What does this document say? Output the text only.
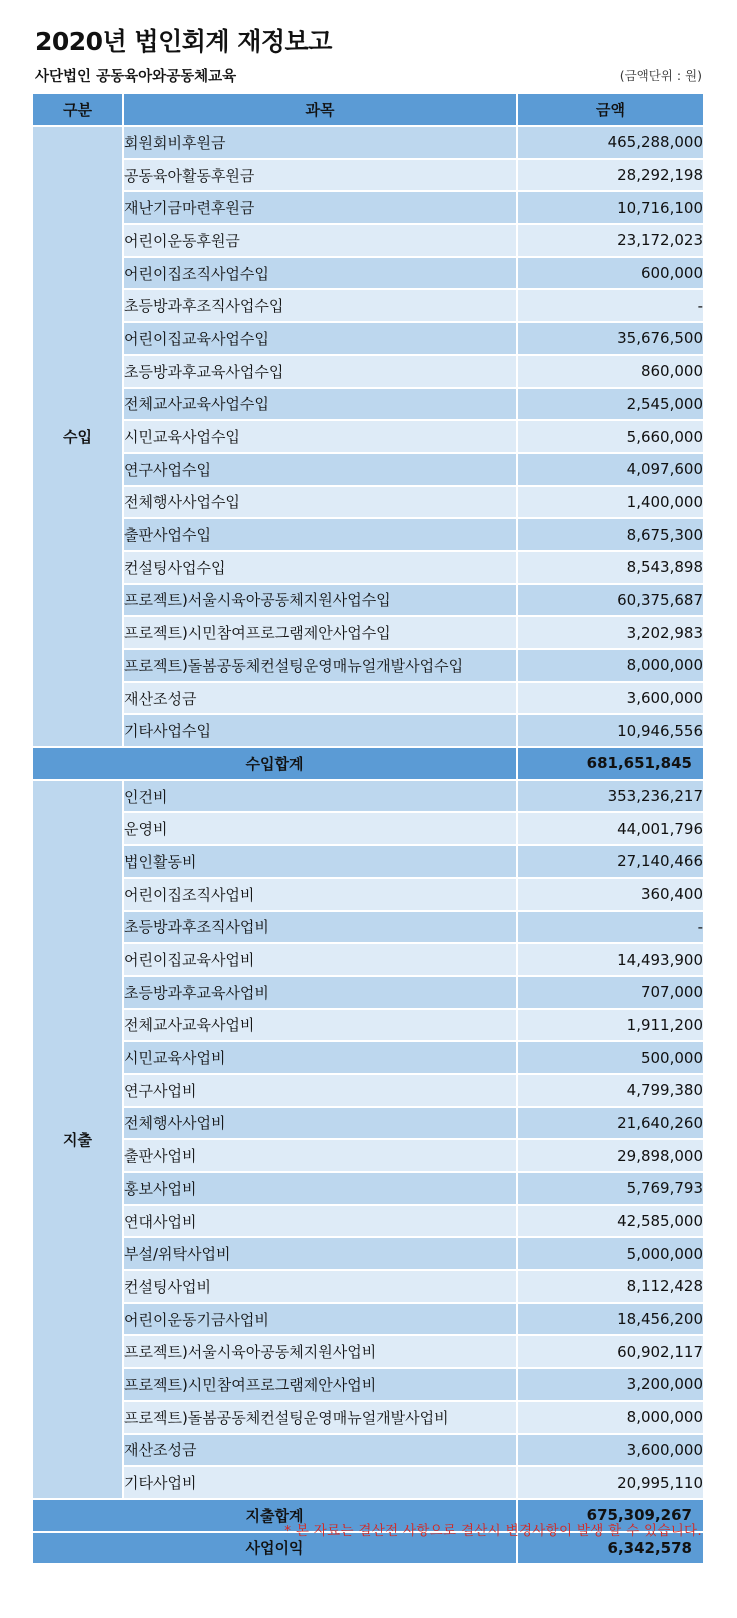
2020년 법인회계 재정보고
사단법인 공동육아와공동체교육	(금액단위 : 원)
구분	과목	금액
수입	회원회비후원금	465,288,000
	공동육아활동후원금	28,292,198
	재난기금마련후원금	10,716,100
	어린이운동후원금	23,172,023
	어린이집조직사업수입	600,000
	초등방과후조직사업수입	-
	어린이집교육사업수입	35,676,500
	초등방과후교육사업수입	860,000
	전체교사교육사업수입	2,545,000
	시민교육사업수입	5,660,000
	연구사업수입	4,097,600
	전체행사사업수입	1,400,000
	출판사업수입	8,675,300
	컨설팅사업수입	8,543,898
	프로젝트)서울시육아공동체지원사업수입	60,375,687
	프로젝트)시민참여프로그램제안사업수입	3,202,983
	프로젝트)돌봄공동체컨설팅운영매뉴얼개발사업수입	8,000,000
	재산조성금	3,600,000
	기타사업수입	10,946,556
수입합계		681,651,845
지출	인건비	353,236,217
	운영비	44,001,796
	법인활동비	27,140,466
	어린이집조직사업비	360,400
	초등방과후조직사업비	-
	어린이집교육사업비	14,493,900
	초등방과후교육사업비	707,000
	전체교사교육사업비	1,911,200
	시민교육사업비	500,000
	연구사업비	4,799,380
	전체행사사업비	21,640,260
	출판사업비	29,898,000
	홍보사업비	5,769,793
	연대사업비	42,585,000
	부설/위탁사업비	5,000,000
	컨설팅사업비	8,112,428
	어린이운동기금사업비	18,456,200
	프로젝트)서울시육아공동체지원사업비	60,902,117
	프로젝트)시민참여프로그램제안사업비	3,200,000
	프로젝트)돌봄공동체컨설팅운영매뉴얼개발사업비	8,000,000
	재산조성금	3,600,000
	기타사업비	20,995,110
지출합계		675,309,267
사업이익		6,342,578
* 본 자료는 결산전 사항으로 결산시 변경사항이 발생 할 수 있습니다.
